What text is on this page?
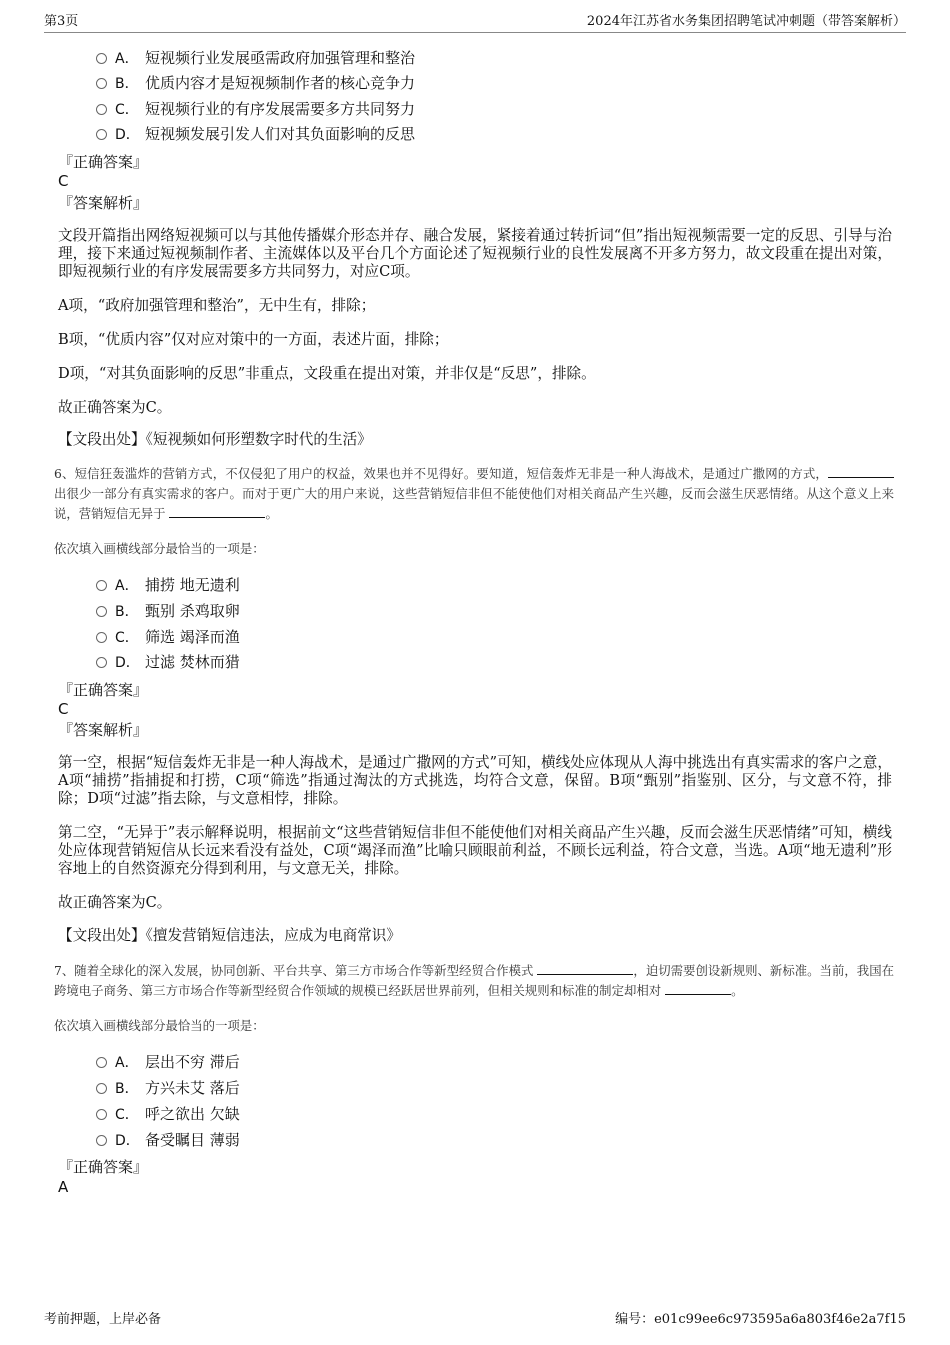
第3页	2024年江苏省水务集团招聘笔试冲刺题（带答案解析）
A． 短视频行业发展亟需政府加强管理和整治
B． 优质内容才是短视频制作者的核心竞争力
C． 短视频行业的有序发展需要多方共同努力
D． 短视频发展引发人们对其负面影响的反思
『正确答案』
C
『答案解析』
文段开篇指出网络短视频可以与其他传播媒介形态并存、融合发展，紧接着通过转折词“但”指出短视频需要一定的反思、引导与治理，接下来通过短视频制作者、主流媒体以及平台几个方面论述了短视频行业的良性发展离不开多方努力，故文段重在提出对策，即短视频行业的有序发展需要多方共同努力，对应C项。
A项，“政府加强管理和整治”，无中生有，排除；
B项，“优质内容”仅对应对策中的一方面，表述片面，排除；
D项，“对其负面影响的反思”非重点，文段重在提出对策，并非仅是“反思”，排除。
故正确答案为C。
【文段出处】《短视频如何形塑数字时代的生活》
6、短信狂轰滥炸的营销方式，不仅侵犯了用户的权益，效果也并不见得好。要知道，短信轰炸无非是一种人海战术，是通过广撒网的方式，出很少一部分有真实需求的客户。而对于更广大的用户来说，这些营销短信非但不能使他们对相关商品产生兴趣，反而会滋生厌恶情绪。从这个意义上来说，营销短信无异于	。
依次填入画横线部分最恰当的一项是：
A． 捕捞 地无遗利
B． 甄别 杀鸡取卵
C． 筛选 竭泽而渔
D． 过滤 焚林而猎
『正确答案』
C
『答案解析』
第一空，根据“短信轰炸无非是一种人海战术，是通过广撒网的方式”可知，横线处应体现从人海中挑选出有真实需求的客户之意，A项“捕捞”指捕捉和打捞，C项“筛选”指通过淘汰的方式挑选，均符合文意，保留。B项“甄别”指鉴别、区分，与文意不符，排除；D项“过滤”指去除，与文意相悖，排除。
第二空，“无异于”表示解释说明，根据前文“这些营销短信非但不能使他们对相关商品产生兴趣，反而会滋生厌恶情绪”可知，横线处应体现营销短信从长远来看没有益处，C项“竭泽而渔”比喻只顾眼前利益，不顾长远利益，符合文意，当选。A项“地无遗利”形容地上的自然资源充分得到利用，与文意无关，排除。
故正确答案为C。
【文段出处】《擅发营销短信违法，应成为电商常识》
7、随着全球化的深入发展，协同创新、平台共享、第三方市场合作等新型经贸合作模式	，迫切需要创设新规则、新标准。当前，我国在跨境电子商务、第三方市场合作等新型经贸合作领域的规模已经跃居世界前列，但相关规则和标准的制定却相对	。
依次填入画横线部分最恰当的一项是：
A． 层出不穷 滞后
B． 方兴未艾 落后
C． 呼之欲出 欠缺
D． 备受瞩目 薄弱
『正确答案』
A
考前押题，上岸必备	编号：e01c99ee6c973595a6a803f46e2a7f15
